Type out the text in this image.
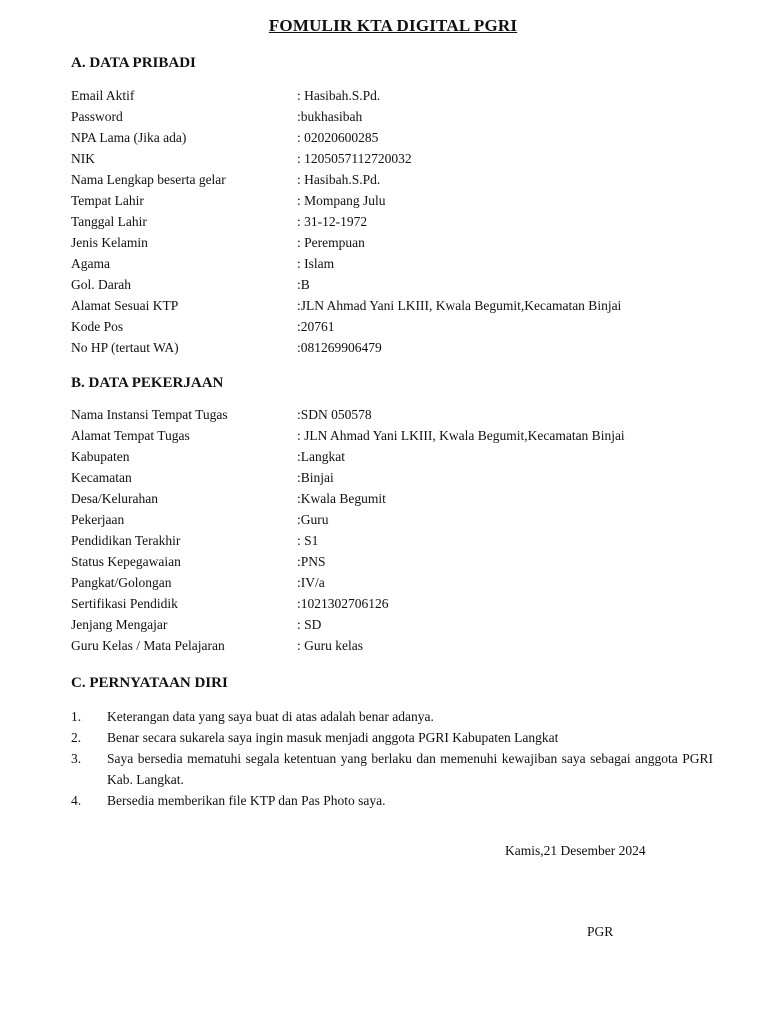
FOMULIR KTA DIGITAL PGRI
A. DATA PRIBADI
Email Aktif	: Hasibah.S.Pd.
Password	:bukhasibah
NPA Lama (Jika ada)	: 02020600285
NIK	: 1205057112720032
Nama Lengkap beserta gelar	: Hasibah.S.Pd.
Tempat Lahir	: Mompang Julu
Tanggal Lahir	: 31-12-1972
Jenis Kelamin	: Perempuan
Agama	: Islam
Gol. Darah	:B
Alamat Sesuai KTP	:JLN Ahmad Yani LKIII, Kwala Begumit,Kecamatan Binjai
Kode Pos	:20761
No HP (tertaut WA)	:081269906479
B. DATA PEKERJAAN
Nama Instansi Tempat Tugas	:SDN 050578
Alamat Tempat Tugas	: JLN Ahmad Yani LKIII, Kwala Begumit,Kecamatan Binjai
Kabupaten	:Langkat
Kecamatan	:Binjai
Desa/Kelurahan	:Kwala Begumit
Pekerjaan	:Guru
Pendidikan Terakhir	: S1
Status Kepegawaian	:PNS
Pangkat/Golongan	:IV/a
Sertifikasi Pendidik	:1021302706126
Jenjang Mengajar	: SD
Guru Kelas / Mata Pelajaran	: Guru kelas
C. PERNYATAAN DIRI
1. Keterangan data yang saya buat di atas adalah benar adanya.
2. Benar secara sukarela saya ingin masuk menjadi anggota PGRI Kabupaten Langkat
3. Saya bersedia mematuhi segala ketentuan yang berlaku dan memenuhi kewajiban saya sebagai anggota PGRI Kab. Langkat.
4. Bersedia memberikan file KTP dan Pas Photo saya.
Kamis,21 Desember 2024
PGR
